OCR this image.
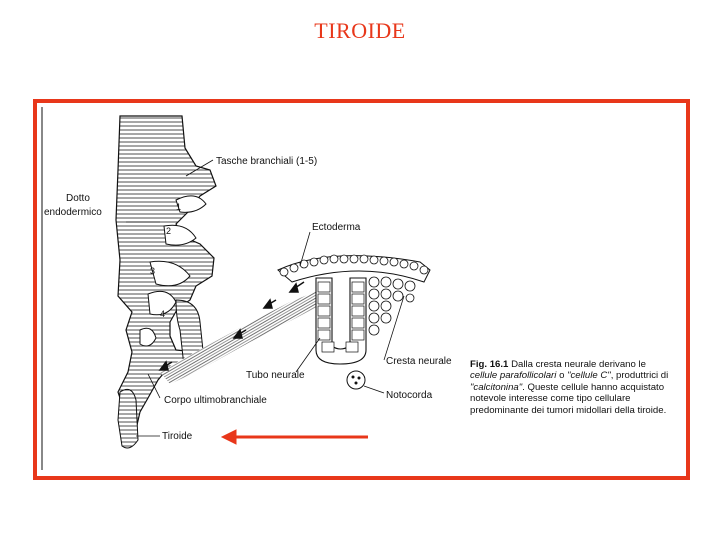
TIROIDE
Tasche branchiali (1-5)
Dotto
endodermico
Ectoderma
Cresta neurale
Tubo neurale
Notocorda
Corpo ultimobranchiale
Tiroide
1
2
3
4
Fig. 16.1 Dalla cresta neurale derivano le cellule parafollicolari o "cellule C", produttrici di "calcitonina". Queste cellule hanno acquistato notevole interesse come tipo cellulare predominante dei tumori midollari della tiroide.
